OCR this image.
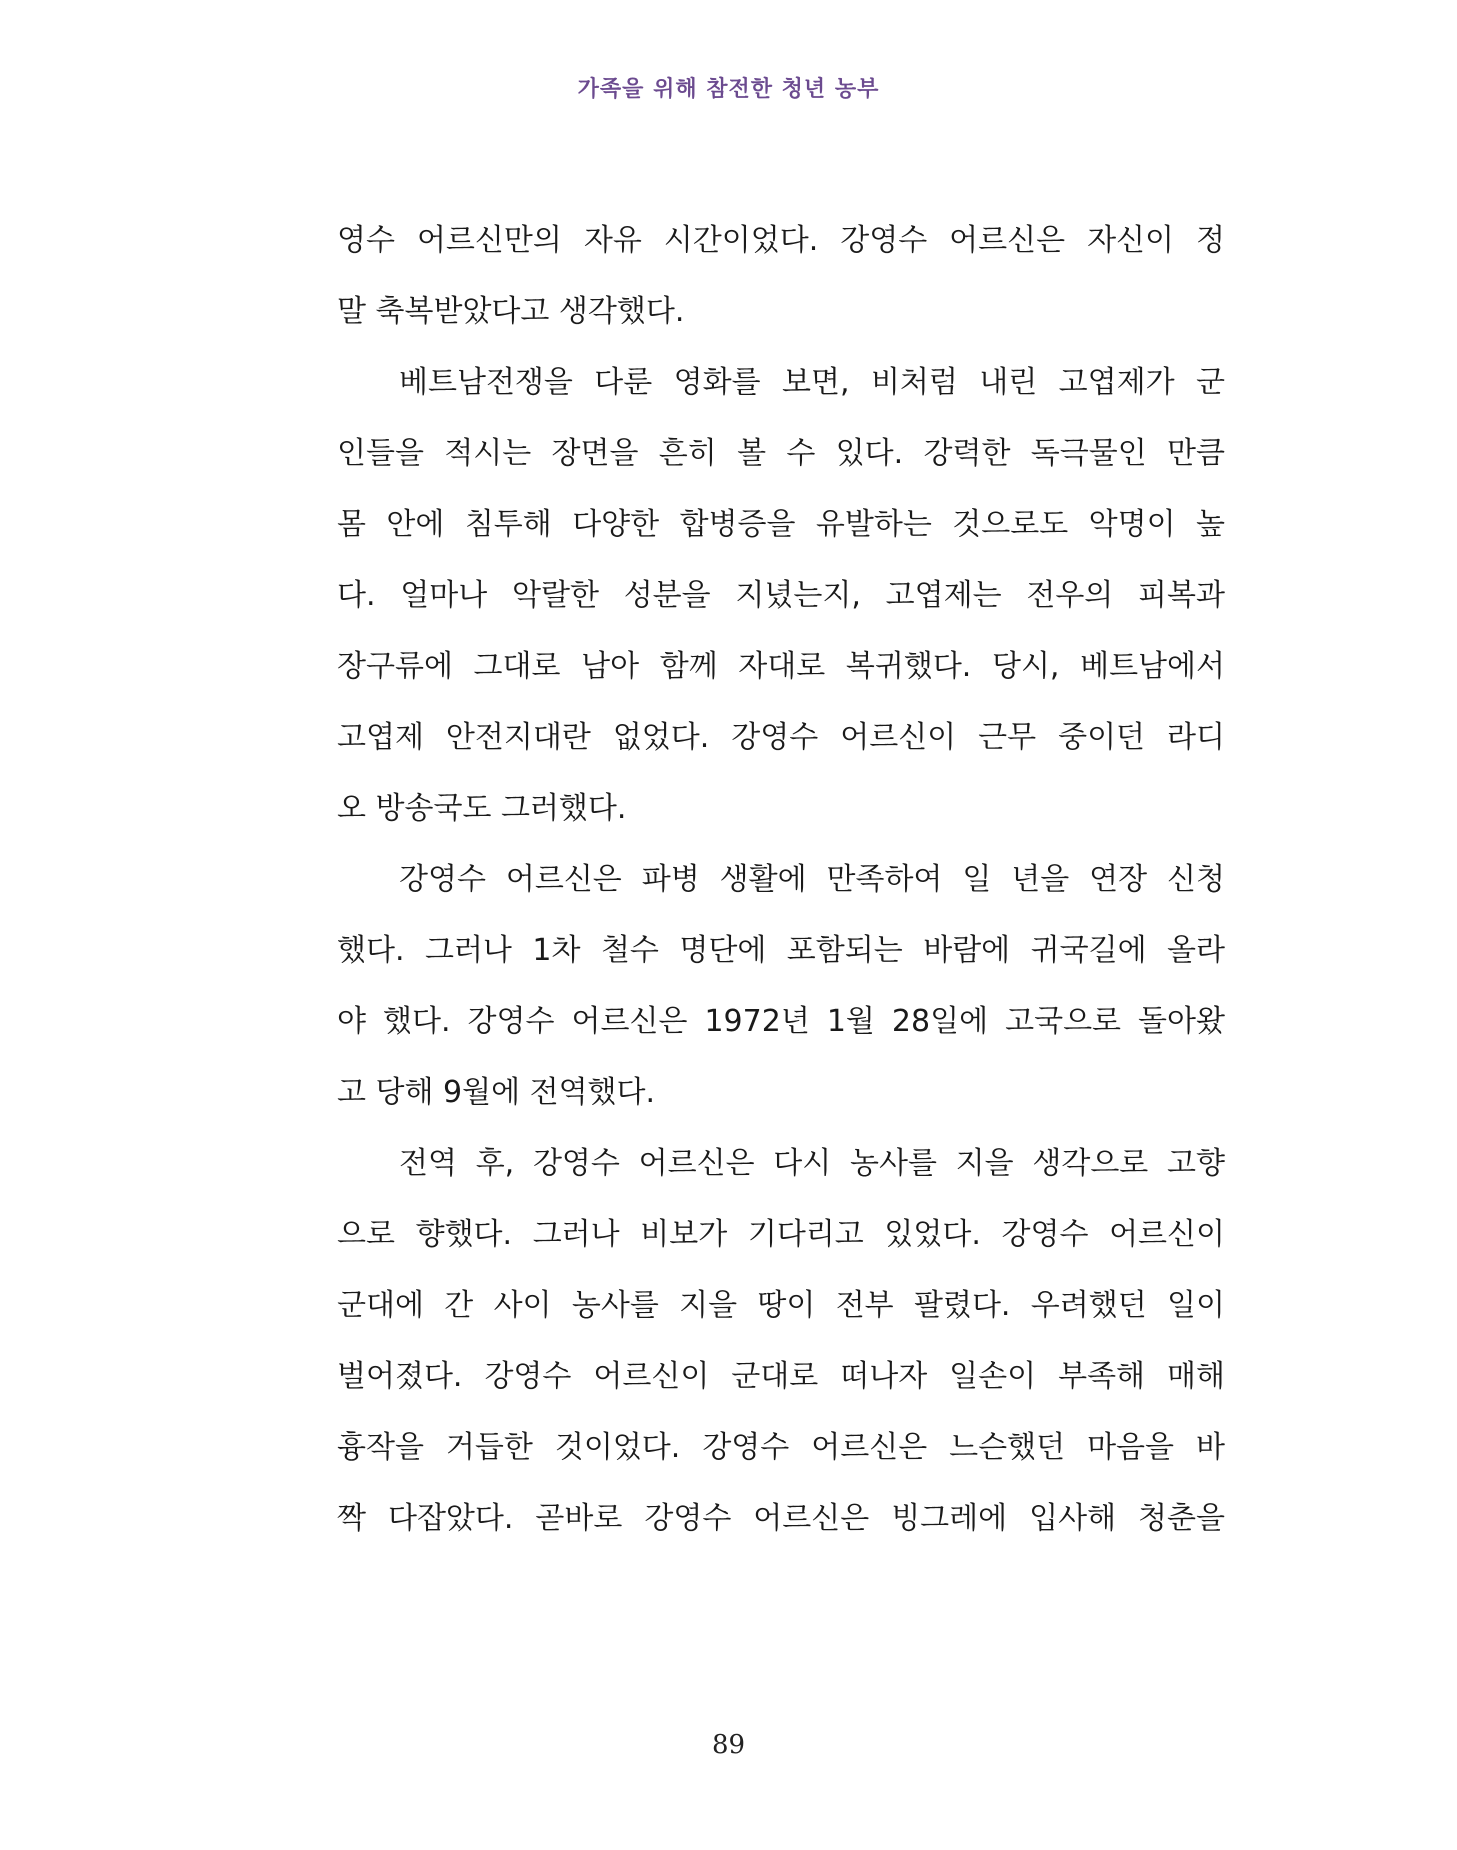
가족을 위해 참전한 청년 농부
영수 어르신만의 자유 시간이었다. 강영수 어르신은 자신이 정
말 축복받았다고 생각했다.
베트남전쟁을 다룬 영화를 보면, 비처럼 내린 고엽제가 군
인들을 적시는 장면을 흔히 볼 수 있다. 강력한 독극물인 만큼
몸 안에 침투해 다양한 합병증을 유발하는 것으로도 악명이 높
다. 얼마나 악랄한 성분을 지녔는지, 고엽제는 전우의 피복과
장구류에 그대로 남아 함께 자대로 복귀했다. 당시, 베트남에서
고엽제 안전지대란 없었다. 강영수 어르신이 근무 중이던 라디
오 방송국도 그러했다.
강영수 어르신은 파병 생활에 만족하여 일 년을 연장 신청
했다. 그러나 1차 철수 명단에 포함되는 바람에 귀국길에 올라
야 했다. 강영수 어르신은 1972년 1월 28일에 고국으로 돌아왔
고 당해 9월에 전역했다.
전역 후, 강영수 어르신은 다시 농사를 지을 생각으로 고향
으로 향했다. 그러나 비보가 기다리고 있었다. 강영수 어르신이
군대에 간 사이 농사를 지을 땅이 전부 팔렸다. 우려했던 일이
벌어졌다. 강영수 어르신이 군대로 떠나자 일손이 부족해 매해
흉작을 거듭한 것이었다. 강영수 어르신은 느슨했던 마음을 바
짝 다잡았다. 곧바로 강영수 어르신은 빙그레에 입사해 청춘을
89
